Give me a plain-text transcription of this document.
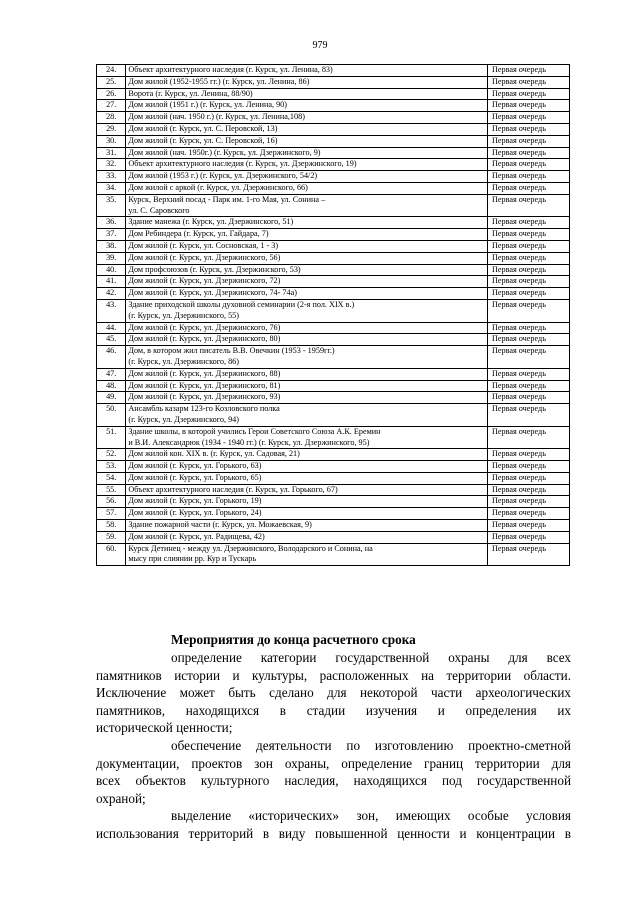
979
24.	Объект архитектурного наследия (г. Курск, ул. Ленина, 83)	Первая очередь
25.	Дом жилой (1952-1955 гг.) (г. Курск, ул. Ленина, 86)	Первая очередь
26.	Ворота (г. Курск, ул. Ленина, 88/90)	Первая очередь
27.	Дом жилой (1951 г.) (г. Курск, ул. Ленина, 90)	Первая очередь
28.	Дом жилой (нач. 1950 г.) (г. Курск, ул. Ленина,108)	Первая очередь
29.	Дом жилой (г. Курск, ул. С. Перовской, 13)	Первая очередь
30.	Дом жилой (г. Курск, ул. С. Перовской, 16)	Первая очередь
31.	Дом жилой (нач. 1950г.) (г. Курск, ул. Дзержинского, 9)	Первая очередь
32.	Объект архитектурного наследия (г. Курск, ул. Дзержинского, 19)	Первая очередь
33.	Дом жилой (1953 г.) (г. Курск, ул. Дзержинского, 54/2)	Первая очередь
34.	Дом жилой с аркой (г. Курск, ул. Дзержинского, 66)	Первая очередь
35.	Курск, Верхний посад - Парк им. 1-го Мая, ул. Сонина –
ул. С. Саровского	Первая очередь
36.	Здание манежа (г. Курск, ул. Дзержинского, 51)	Первая очередь
37.	Дом Ребиндера (г. Курск, ул. Гайдара, 7)	Первая очередь
38.	Дом жилой (г. Курск, ул. Сосновская, 1 - 3)	Первая очередь
39.	Дом жилой (г. Курск, ул. Дзержинского, 56)	Первая очередь
40.	Дом профсоюзов (г. Курск, ул. Дзержинского, 53)	Первая очередь
41.	Дом жилой (г. Курск, ул. Дзержинского, 72)	Первая очередь
42.	Дом жилой (г. Курск, ул. Дзержинского, 74- 74а)	Первая очередь
43.	Здание приходской школы духовной семинарии (2-я пол. XIX в.)
(г. Курск, ул. Дзержинского, 55)	Первая очередь
44.	Дом жилой (г. Курск, ул. Дзержинского, 76)	Первая очередь
45.	Дом жилой (г. Курск, ул. Дзержинского, 80)	Первая очередь
46.	Дом, в котором жил писатель В.В. Овечкин (1953 - 1959гг.)
(г. Курск, ул. Дзержинского, 86)	Первая очередь
47.	Дом жилой (г. Курск, ул. Дзержинского, 88)	Первая очередь
48.	Дом жилой (г. Курск, ул. Дзержинского, 81)	Первая очередь
49.	Дом жилой (г. Курск, ул. Дзержинского, 93)	Первая очередь
50.	Ансамбль казарм 123-го Козловского полка
(г. Курск, ул. Дзержинского, 94)	Первая очередь
51.	Здание школы, в которой учились Герои Советского Союза А.К. Еремин
и В.И. Александрюк (1934 - 1940 гг.) (г. Курск, ул. Дзержинского, 95)	Первая очередь
52.	Дом жилой кон. XIX в. (г. Курск, ул. Садовая, 21)	Первая очередь
53.	Дом жилой (г. Курск, ул. Горького, 63)	Первая очередь
54.	Дом жилой (г. Курск, ул. Горького, 65)	Первая очередь
55.	Объект архитектурного наследия (г. Курск, ул. Горького, 67)	Первая очередь
56.	Дом жилой (г. Курск, ул. Горького, 19)	Первая очередь
57.	Дом жилой (г. Курск, ул. Горького, 24)	Первая очередь
58.	Здание пожарной части (г. Курск, ул. Можаевская, 9)	Первая очередь
59.	Дом жилой (г. Курск, ул. Радищева, 42)	Первая очередь
60.	Курск Детинец - между ул. Дзержинского, Володарского и Сонина, на
мысу при слиянии рр. Кур и Тускарь	Первая очередь
Мероприятия до конца расчетного срока
определение категории государственной охраны для всех
памятников истории и культуры, расположенных на территории области.
Исключение может быть сделано для некоторой части археологических
памятников, находящихся в стадии изучения и определения их
исторической ценности;
обеспечение деятельности по изготовлению проектно-сметной
документации, проектов зон охраны, определение границ территории для
всех объектов культурного наследия, находящихся под государственной
охраной;
выделение «исторических» зон, имеющих особые условия
использования территорий в виду повышенной ценности и концентрации в
